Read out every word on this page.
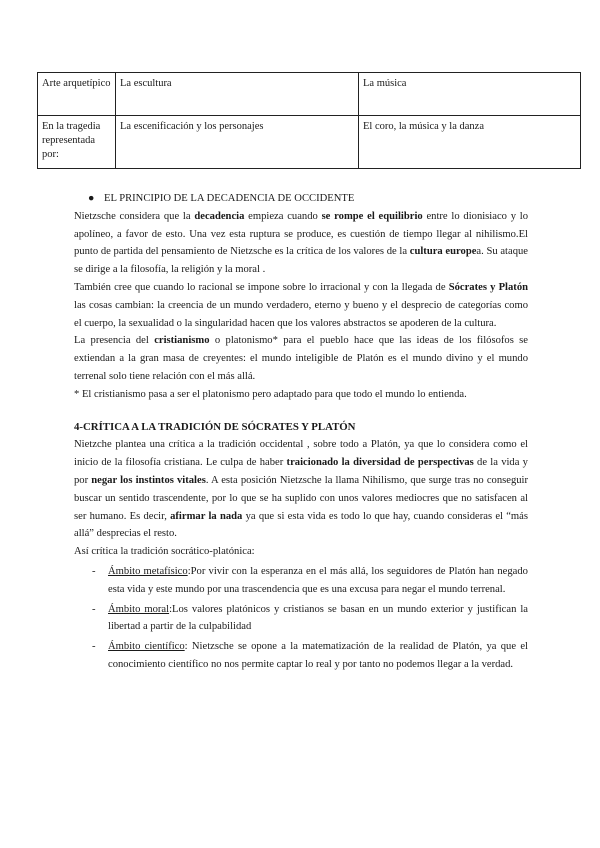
Arte arquetípico	La escultura	La música
En la tragedia representada por:	La escenificación y los personajes	El coro, la música y la danza
● EL PRINCIPIO DE LA DECADENCIA DE OCCIDENTE

Nietzsche considera que la decadencia empieza cuando se rompe el equilibrio entre lo dionisiaco y lo apolíneo, a favor de esto. Una vez esta ruptura se produce, es cuestión de tiempo llegar al nihilismo.El punto de partida del pensamiento de Nietzsche es la crítica de los valores de la cultura europea. Su ataque se dirige a la filosofía, la religión y la moral .

También cree que cuando lo racional se impone sobre lo irracional y con la llegada de Sócrates y Platón las cosas cambian: la creencia de un mundo verdadero, eterno y bueno y el desprecio de categorías como el cuerpo, la sexualidad o la singularidad hacen que los valores abstractos se apoderen de la cultura.

La presencia del cristianismo o platonismo* para el pueblo hace que las ideas de los filósofos se extiendan a la gran masa de creyentes: el mundo inteligible de Platón es el mundo divino y el mundo terrenal solo tiene relación con el más allá.

* El cristianismo pasa a ser el platonismo pero adaptado para que todo el mundo lo entienda.

4-CRÍTICA A LA TRADICIÓN DE SÓCRATES Y PLATÓN

Nietzche plantea una crítica a la tradición occidental , sobre todo a Platón, ya que lo considera como el inicio de la filosofía cristiana. Le culpa de haber traicionado la diversidad de perspectivas de la vida y por negar los instintos vitales. A esta posición Nietzsche la llama Nihilismo, que surge tras no conseguir buscar un sentido trascendente, por lo que se ha suplido con unos valores mediocres que no satisfacen al ser humano. Es decir, afirmar la nada ya que si esta vida es todo lo que hay, cuando consideras el “más allá” desprecias el resto.

Así crítica la tradición socrático-platónica:

- Ámbito metafísico:Por vivir con la esperanza en el más allá, los seguidores de Platón han negado esta vida y este mundo por una trascendencia que es una excusa para negar el mundo terrenal.
- Ámbito moral:Los valores platónicos y cristianos se basan en un mundo exterior y justifican la libertad a partir de la culpabilidad
- Ámbito científico: Nietzsche se opone a la matematización de la realidad de Platón, ya que el conocimiento científico no nos permite captar lo real y por tanto no podemos llegar a la verdad.
